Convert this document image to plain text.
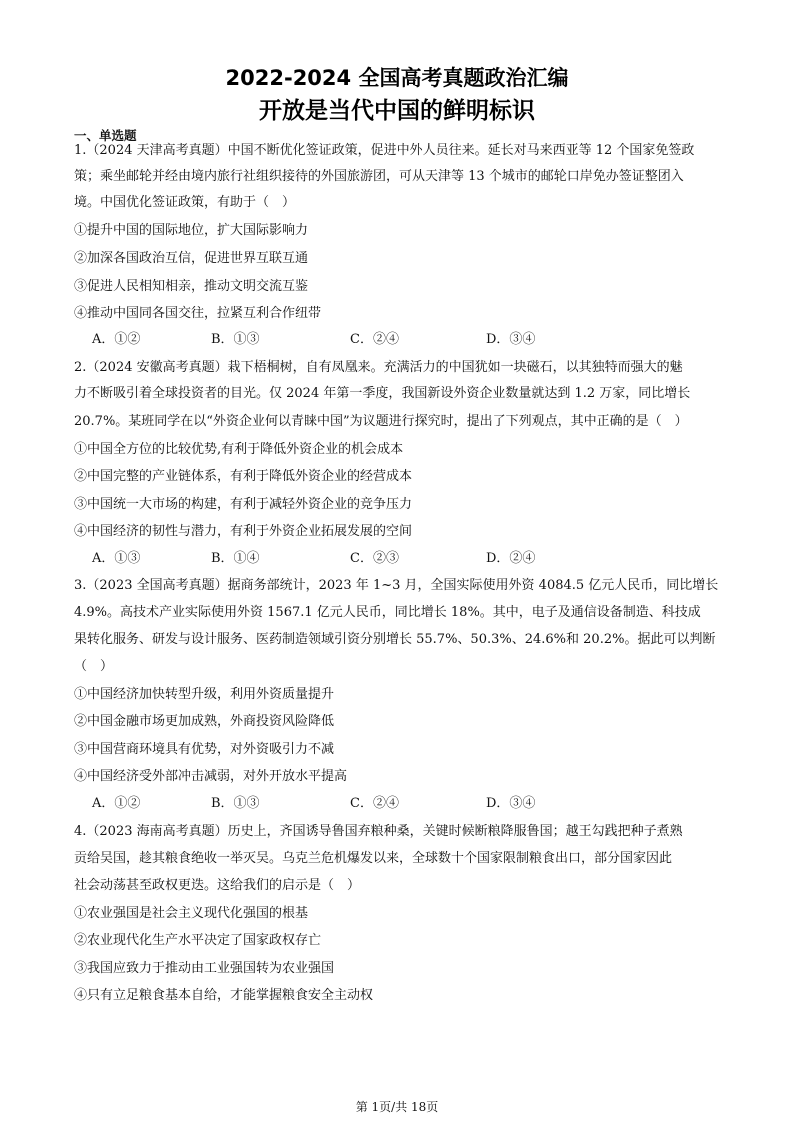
2022-2024 全国高考真题政治汇编
开放是当代中国的鲜明标识
一、单选题
1.（2024 天津高考真题）中国不断优化签证政策，促进中外人员往来。延长对马来西亚等 12 个国家免签政
策；乘坐邮轮并经由境内旅行社组织接待的外国旅游团，可从天津等 13 个城市的邮轮口岸免办签证整团入
境。中国优化签证政策，有助于（　）
①提升中国的国际地位，扩大国际影响力
②加深各国政治互信，促进世界互联互通
③促进人民相知相亲，推动文明交流互鉴
④推动中国同各国交往，拉紧互利合作纽带
A．①②	B．①③	C．②④	D．③④
2.（2024 安徽高考真题）栽下梧桐树，自有凤凰来。充满活力的中国犹如一块磁石，以其独特而强大的魅
力不断吸引着全球投资者的目光。仅 2024 年第一季度，我国新设外资企业数量就达到 1.2 万家，同比增长
20.7%。某班同学在以“外资企业何以青睐中国”为议题进行探究时，提出了下列观点，其中正确的是（　）
①中国全方位的比较优势,有利于降低外资企业的机会成本
②中国完整的产业链体系，有利于降低外资企业的经营成本
③中国统一大市场的构建，有利于减轻外资企业的竞争压力
④中国经济的韧性与潜力，有利于外资企业拓展发展的空间
A．①③	B．①④	C．②③	D．②④
3.（2023 全国高考真题）据商务部统计，2023 年 1~3 月，全国实际使用外资 4084.5 亿元人民币，同比增长
4.9%。高技术产业实际使用外资 1567.1 亿元人民币，同比增长 18%。其中，电子及通信设备制造、科技成
果转化服务、研发与设计服务、医药制造领域引资分别增长 55.7%、50.3%、24.6%和 20.2%。据此可以判断
（　）
①中国经济加快转型升级，利用外资质量提升
②中国金融市场更加成熟，外商投资风险降低
③中国营商环境具有优势，对外资吸引力不减
④中国经济受外部冲击减弱，对外开放水平提高
A．①②	B．①③	C．②④	D．③④
4.（2023 海南高考真题）历史上，齐国诱导鲁国弃粮种桑，关键时候断粮降服鲁国；越王勾践把种子煮熟
贡给吴国，趁其粮食绝收一举灭吴。乌克兰危机爆发以来，全球数十个国家限制粮食出口，部分国家因此
社会动荡甚至政权更迭。这给我们的启示是（　）
①农业强国是社会主义现代化强国的根基
②农业现代化生产水平决定了国家政权存亡
③我国应致力于推动由工业强国转为农业强国
④只有立足粮食基本自给，才能掌握粮食安全主动权
第 1页/共 18页
